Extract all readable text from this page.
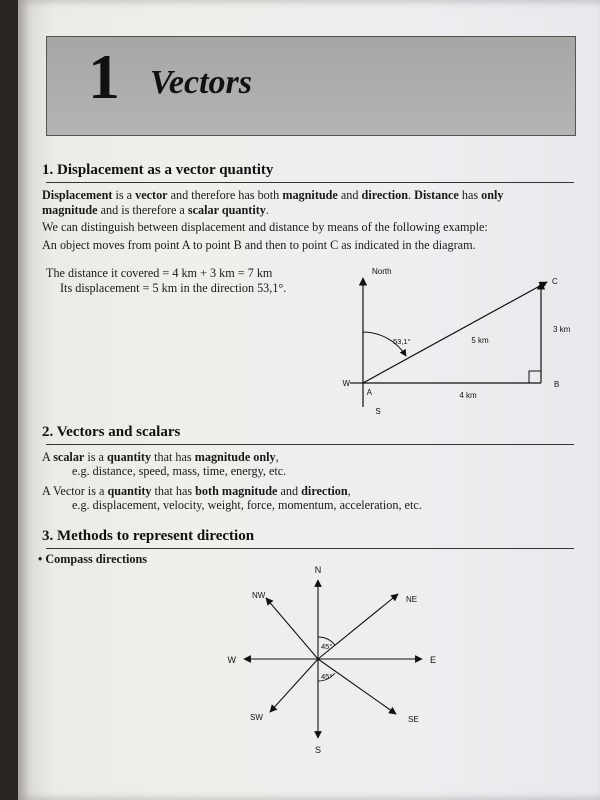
1 Vectors
1. Displacement as a vector quantity

Displacement is a vector and therefore has both magnitude and direction. Distance has only
magnitude and is therefore a scalar quantity.

We can distinguish between displacement and distance by means of the following example:

An object moves from point A to point B and then to point C as indicated in the diagram.

The distance it covered = 4 km + 3 km = 7 km

Its displacement = 5 km in the direction 53,1°.

North
W
S
A
B
C
53,1°
4 km
3 km
5 km
2. Vectors and scalars

A scalar is a quantity that has magnitude only,

e.g. distance, speed, mass, time, energy, etc.

A Vector is a quantity that has both magnitude and direction,

e.g. displacement, velocity, weight, force, momentum, acceleration, etc.

3. Methods to represent direction

• Compass directions

N
S
E
W
NE
NW
SE
SW
45°
45°
